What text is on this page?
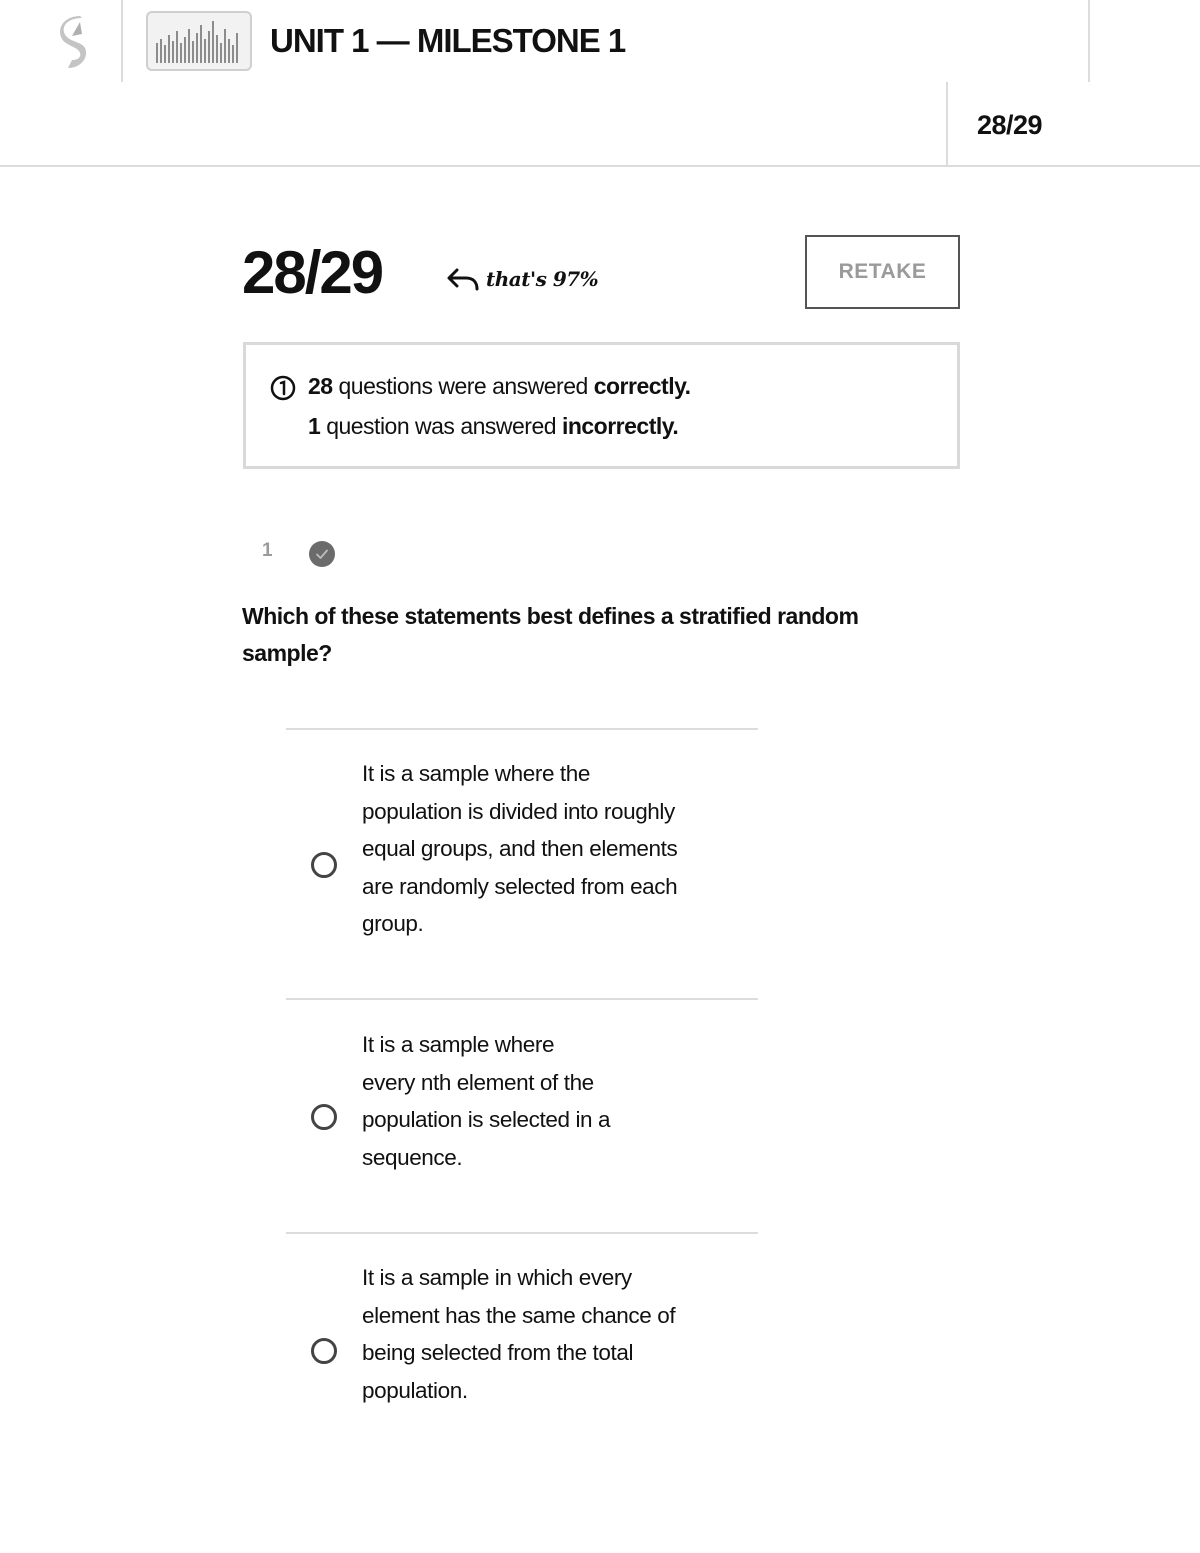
UNIT 1 — MILESTONE 1
28/29
28/29	that's 97%	RETAKE
28 questions were answered correctly.
1 question was answered incorrectly.
1
Which of these statements best defines a stratified random sample?
It is a sample where the
population is divided into roughly
equal groups, and then elements
are randomly selected from each
group.
It is a sample where
every nth element of the
population is selected in a
sequence.
It is a sample in which every
element has the same chance of
being selected from the total
population.
